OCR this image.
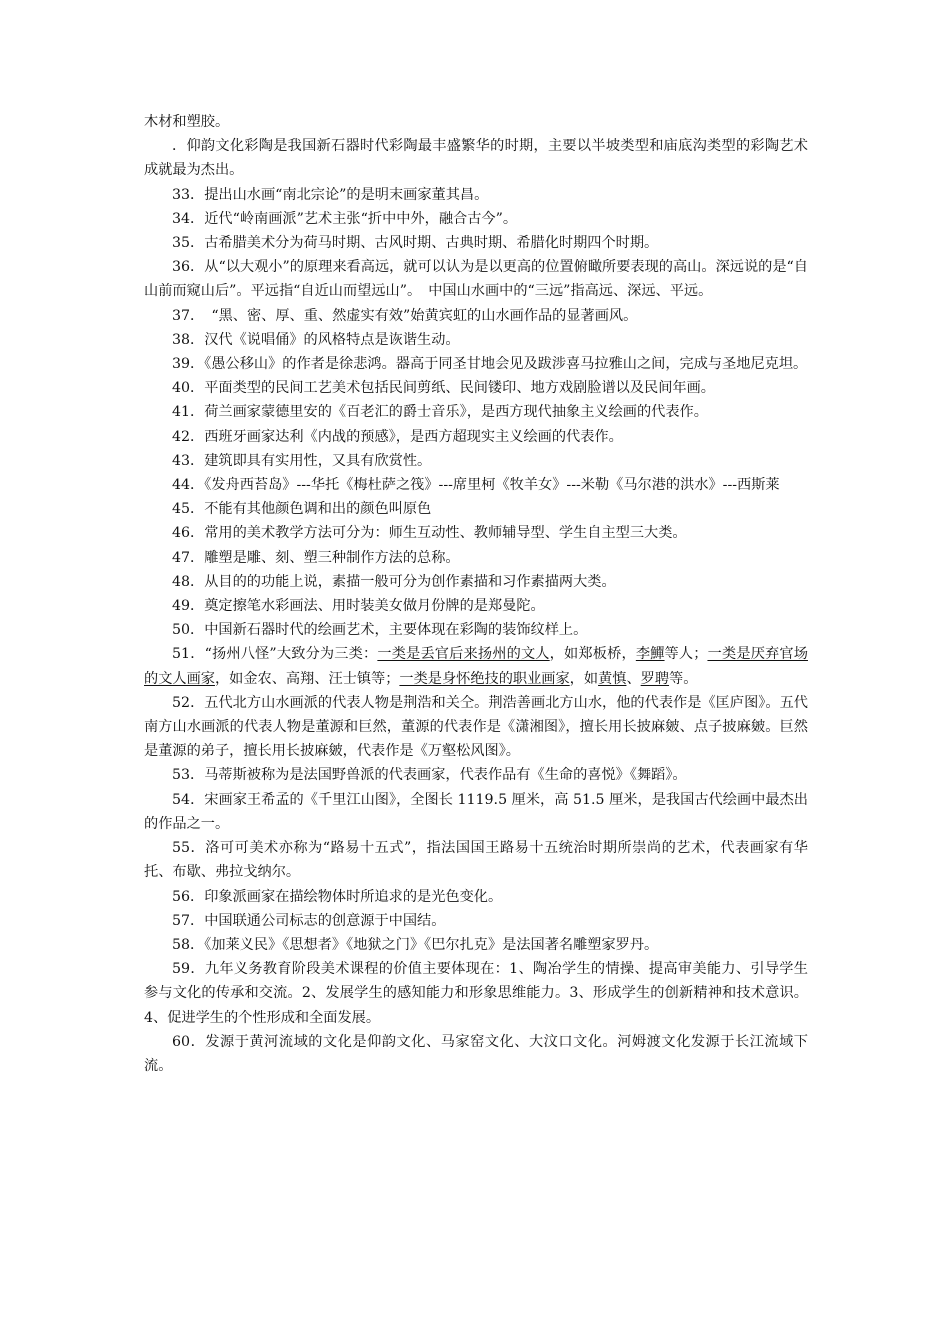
木材和塑胶。

．仰韵文化彩陶是我国新石器时代彩陶最丰盛繁华的时期，主要以半坡类型和庙底沟类型的彩陶艺术成就最为杰出。

33．提出山水画“南北宗论”的是明末画家董其昌。

34．近代“岭南画派”艺术主张“折中中外，融合古今”。

35．古希腊美术分为荷马时期、古风时期、古典时期、希腊化时期四个时期。

36．从“以大观小”的原理来看高远，就可以认为是以更高的位置俯瞰所要表现的高山。深远说的是“自山前而窥山后”。平远指“自近山而望远山”。　中国山水画中的“三远”指高远、深远、平远。

37．　“黑、密、厚、重、然虚实有效”始黄宾虹的山水画作品的显著画风。

38．汉代《说唱俑》的风格特点是诙谐生动。

39．《愚公移山》的作者是徐悲鸿。器高于同圣甘地会见及跋涉喜马拉雅山之间，完成与圣地尼克坦。

40．平面类型的民间工艺美术包括民间剪纸、民间镂印、地方戏剧脸谱以及民间年画。

41．荷兰画家蒙德里安的《百老汇的爵士音乐》，是西方现代抽象主义绘画的代表作。

42．西班牙画家达利《内战的预感》，是西方超现实主义绘画的代表作。

43．建筑即具有实用性，又具有欣赏性。

44．《发舟西苔岛》---华托《梅杜萨之筏》---席里柯《牧羊女》---米勒《马尔港的洪水》---西斯莱

45．不能有其他颜色调和出的颜色叫原色

46．常用的美术教学方法可分为：师生互动性、教师辅导型、学生自主型三大类。

47．雕塑是雕、刻、塑三种制作方法的总称。

48．从目的的功能上说，素描一般可分为创作素描和习作素描两大类。

49．奠定擦笔水彩画法、用时装美女做月份牌的是郑曼陀。

50．中国新石器时代的绘画艺术，主要体现在彩陶的装饰纹样上。

51．“扬州八怪”大致分为三类：一类是丢官后来扬州的文人，如郑板桥，李鱓等人；一类是厌弃官场的文人画家，如金农、高翔、汪士镇等；一类是身怀绝技的职业画家，如黄慎、罗聘等。

52．五代北方山水画派的代表人物是荆浩和关仝。荆浩善画北方山水，他的代表作是《匡庐图》。五代南方山水画派的代表人物是董源和巨然，董源的代表作是《潇湘图》，擅长用长披麻皴、点子披麻皴。巨然是董源的弟子，擅长用长披麻皴，代表作是《万壑松风图》。

53．马蒂斯被称为是法国野兽派的代表画家，代表作品有《生命的喜悦》《舞蹈》。

54．宋画家王希孟的《千里江山图》，全图长 1119.5 厘米，高 51.5 厘米，是我国古代绘画中最杰出的作品之一。

55．洛可可美术亦称为“路易十五式”，指法国国王路易十五统治时期所崇尚的艺术，代表画家有华托、布歇、弗拉戈纳尔。

56．印象派画家在描绘物体时所追求的是光色变化。

57．中国联通公司标志的创意源于中国结。

58．《加莱义民》《思想者》《地狱之门》《巴尔扎克》是法国著名雕塑家罗丹。

59．九年义务教育阶段美术课程的价值主要体现在：1、陶冶学生的情操、提高审美能力、引导学生参与文化的传承和交流。2、发展学生的感知能力和形象思维能力。3、形成学生的创新精神和技术意识。4、促进学生的个性形成和全面发展。

60．发源于黄河流域的文化是仰韵文化、马家窑文化、大汶口文化。河姆渡文化发源于长江流域下流。
